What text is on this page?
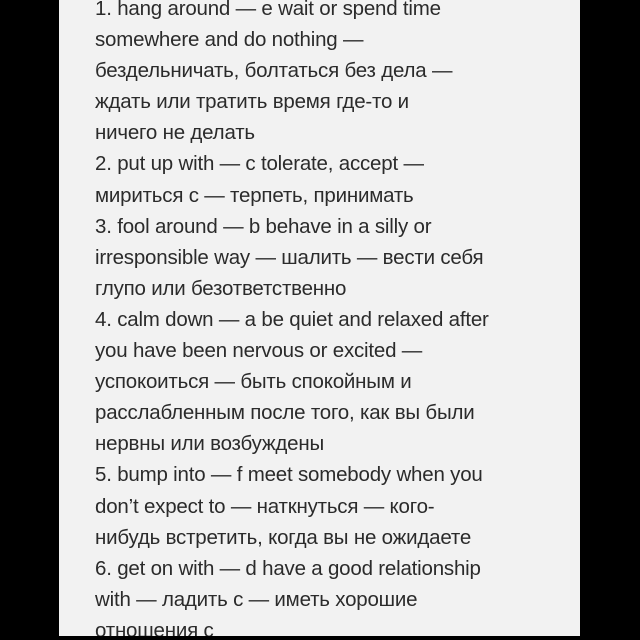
1. hang around — e wait or spend time
somewhere and do nothing —
бездельничать, болтаться без дела —
ждать или тратить время где-то и
ничего не делать
2. put up with — c tolerate, accept —
мириться с — терпеть, принимать
3. fool around — b behave in a silly or
irresponsible way — шалить — вести себя
глупо или безответственно
4. calm down — a be quiet and relaxed after
you have been nervous or excited —
успокоиться — быть спокойным и
расслабленным после того, как вы были
нервны или возбуждены
5. bump into — f meet somebody when you
don’t expect to — наткнуться — кого-
нибудь встретить, когда вы не ожидаете
6. get on with — d have a good relationship
with — ладить с — иметь хорошие
отношения с
